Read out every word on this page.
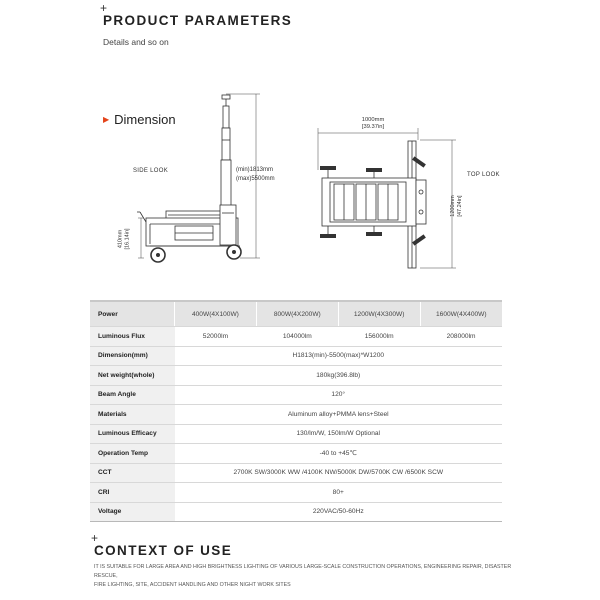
+
PRODUCT PARAMETERS
Details and so on
▶ Dimension
SIDE LOOK
TOP LOOK
(min)1813mm
(max)5500mm
410mm
[16.14in]
1000mm
[39.37in]
1200mm
[47.24in]
Power	400W(4X100W)	800W(4X200W)	1200W(4X300W)	1600W(4X400W)
Luminous Flux	52000lm	104000lm	156000lm	208000lm
Dimension(mm)	H1813(min)-5500(max)*W1200			
Net weight(whole)	180kg(396.8lb)			
Beam Angle	120°			
Materials	Aluminum alloy+PMMA lens+Steel			
Luminous Efficacy	130/lm/W, 150lm/W Optional			
Operation Temp	-40 to +45℃			
CCT	2700K SW/3000K WW /4100K NW/5000K DW/5700K CW /6500K SCW			
CRI	80+			
Voltage	220VAC/50-60Hz			
+
CONTEXT OF USE
IT IS SUITABLE FOR LARGE AREA AND HIGH BRIGHTNESS LIGHTING OF VARIOUS LARGE-SCALE CONSTRUCTION OPERATIONS, ENGINEERING REPAIR, DISASTER RESCUE,
FIRE LIGHTING, SITE, ACCIDENT HANDLING AND OTHER NIGHT WORK SITES
